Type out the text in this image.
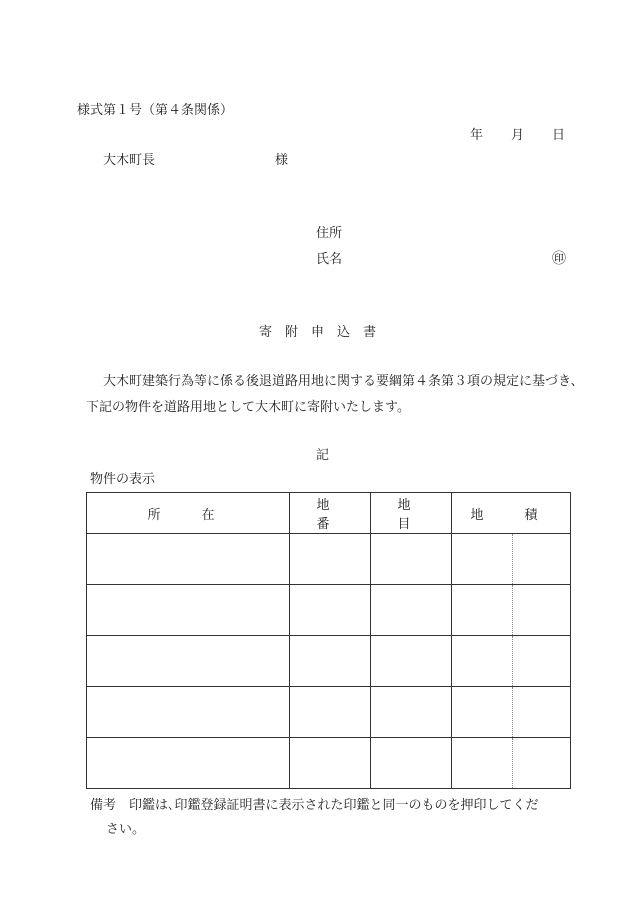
様式第１号（第４条関係）
年 月 日
大木町長	様
住所
氏名	㊞
寄　附　申　込　書
大木町建築行為等に係る後退道路用地に関する要綱第４条第３項の規定に基づき、下記の物件を道路用地として大木町に寄附いたします。
記
物件の表示
所　在	地　番	地　目	地　積	

備考　 印鑑は､印鑑登録証明書に表示された印鑑と同一のものを押印してくだ
さい。
